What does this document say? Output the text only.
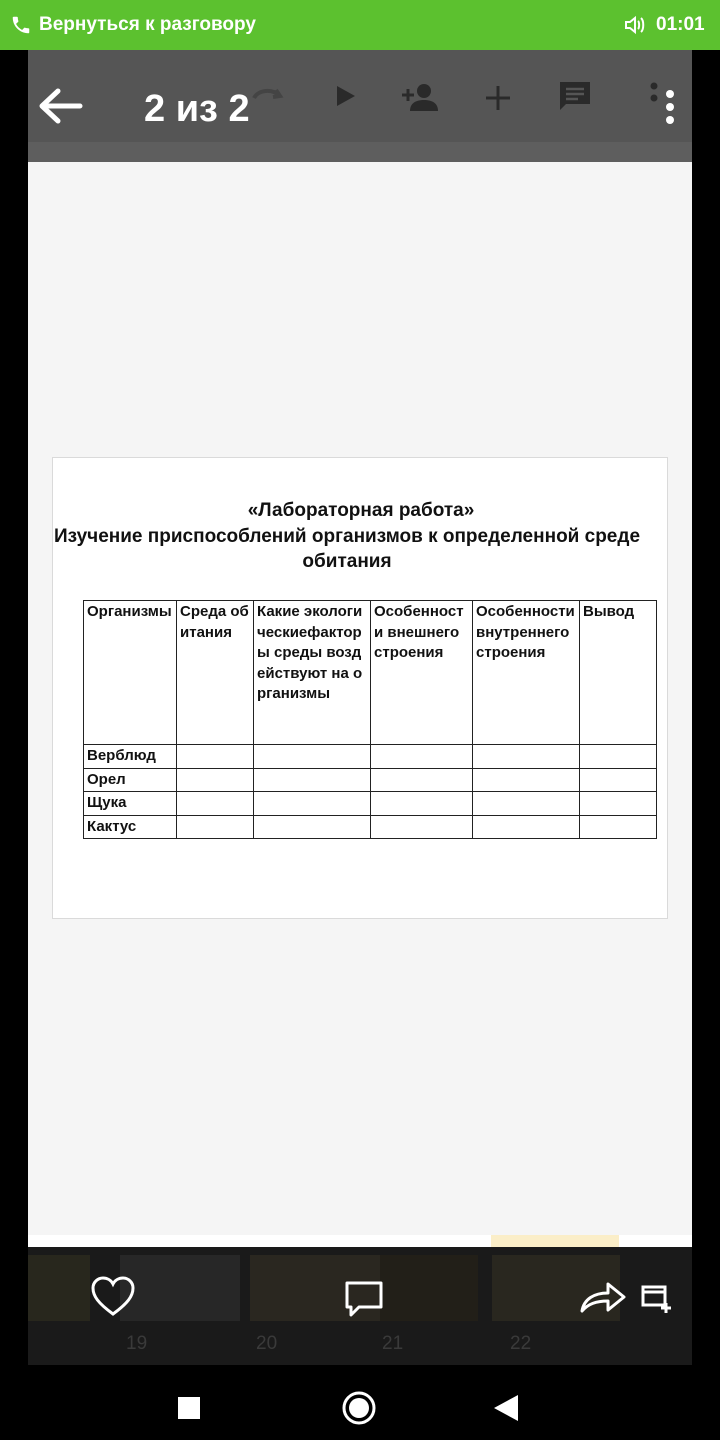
Вернуться к разговору	01:01
2 из 2
«Лабораторная работа»
Изучение приспособлений организмов к определенной среде обитания
Организмы	Среда обитания	Какие экологическиефакторы среды воздействуют на организмы	Особенности внешнего строения	Особенности внутреннего строения	Вывод
Верблюд					
Орел					
Щука					
Кактус					
19	20	21	22
